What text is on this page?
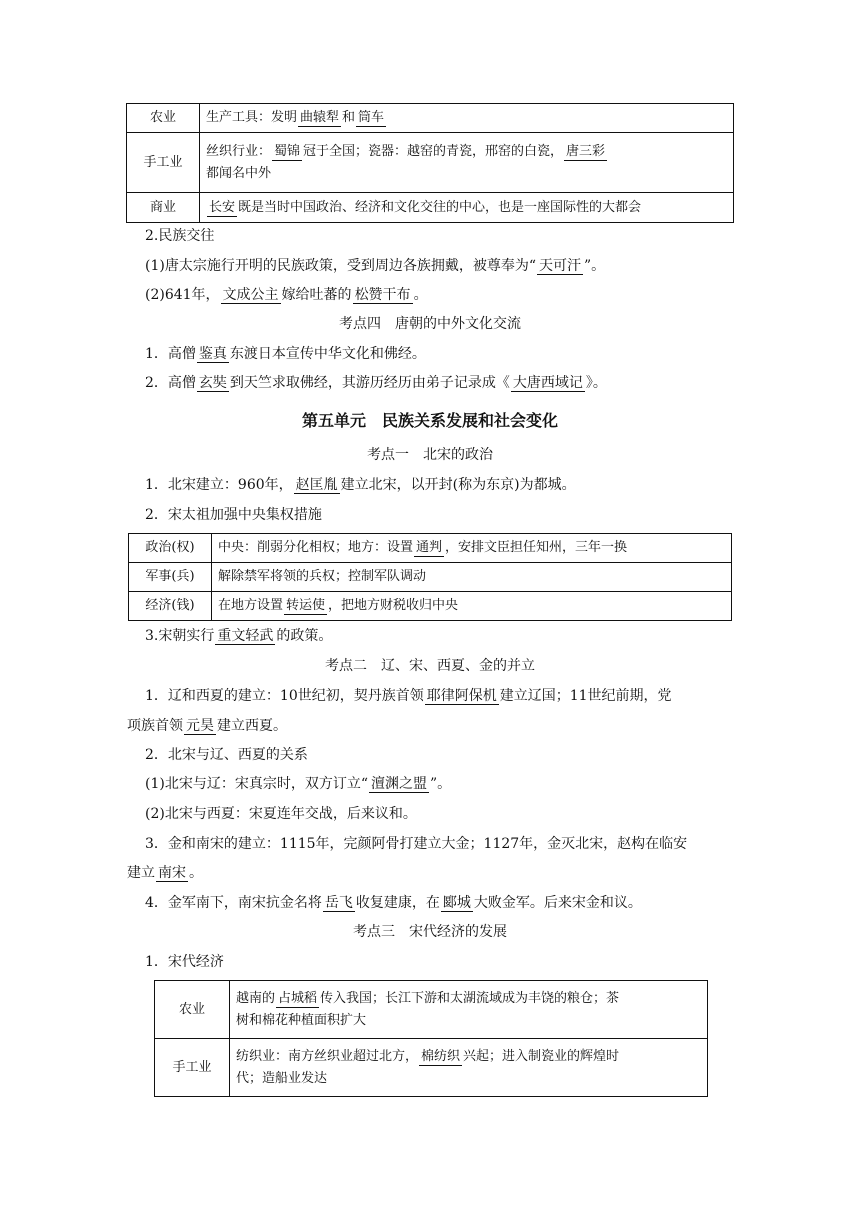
农业	生产工具：发明 曲辕犁 和 筒车
手工业	丝织行业： 蜀锦 冠于全国；瓷器：越窑的青瓷，邢窑的白瓷， 唐三彩
都闻名中外
商业	长安 既是当时中国政治、经济和文化交往的中心，也是一座国际性的大都会
2.民族交往
(1)唐太宗施行开明的民族政策，受到周边各族拥戴，被尊奉为“ 天可汗 ”。
(2)641年， 文成公主 嫁给吐蕃的 松赞干布 。
考点四　唐朝的中外文化交流
1．高僧 鉴真 东渡日本宣传中华文化和佛经。
2．高僧 玄奘 到天竺求取佛经，其游历经历由弟子记录成《 大唐西域记 》。
第五单元　民族关系发展和社会变化
考点一　北宋的政治
1．北宋建立：960年， 赵匡胤 建立北宋，以开封(称为东京)为都城。
2．宋太祖加强中央集权措施
政治(权)	中央：削弱分化相权；地方：设置 通判 ，安排文臣担任知州，三年一换
军事(兵)	解除禁军将领的兵权；控制军队调动
经济(钱)	在地方设置 转运使 ，把地方财税收归中央
3.宋朝实行 重文轻武 的政策。
考点二　辽、宋、西夏、金的并立
1．辽和西夏的建立：10世纪初，契丹族首领 耶律阿保机 建立辽国；11世纪前期，党
项族首领 元昊 建立西夏。
2．北宋与辽、西夏的关系
(1)北宋与辽：宋真宗时，双方订立“ 澶渊之盟 ”。
(2)北宋与西夏：宋夏连年交战，后来议和。
3．金和南宋的建立：1115年，完颜阿骨打建立大金；1127年，金灭北宋，赵构在临安
建立 南宋 。
4．金军南下，南宋抗金名将 岳飞 收复建康，在 郾城 大败金军。后来宋金和议。
考点三　宋代经济的发展
1．宋代经济
农业	越南的 占城稻 传入我国；长江下游和太湖流域成为丰饶的粮仓；茶
树和棉花种植面积扩大
手工业	纺织业：南方丝织业超过北方， 棉纺织 兴起；进入制瓷业的辉煌时
代；造船业发达
